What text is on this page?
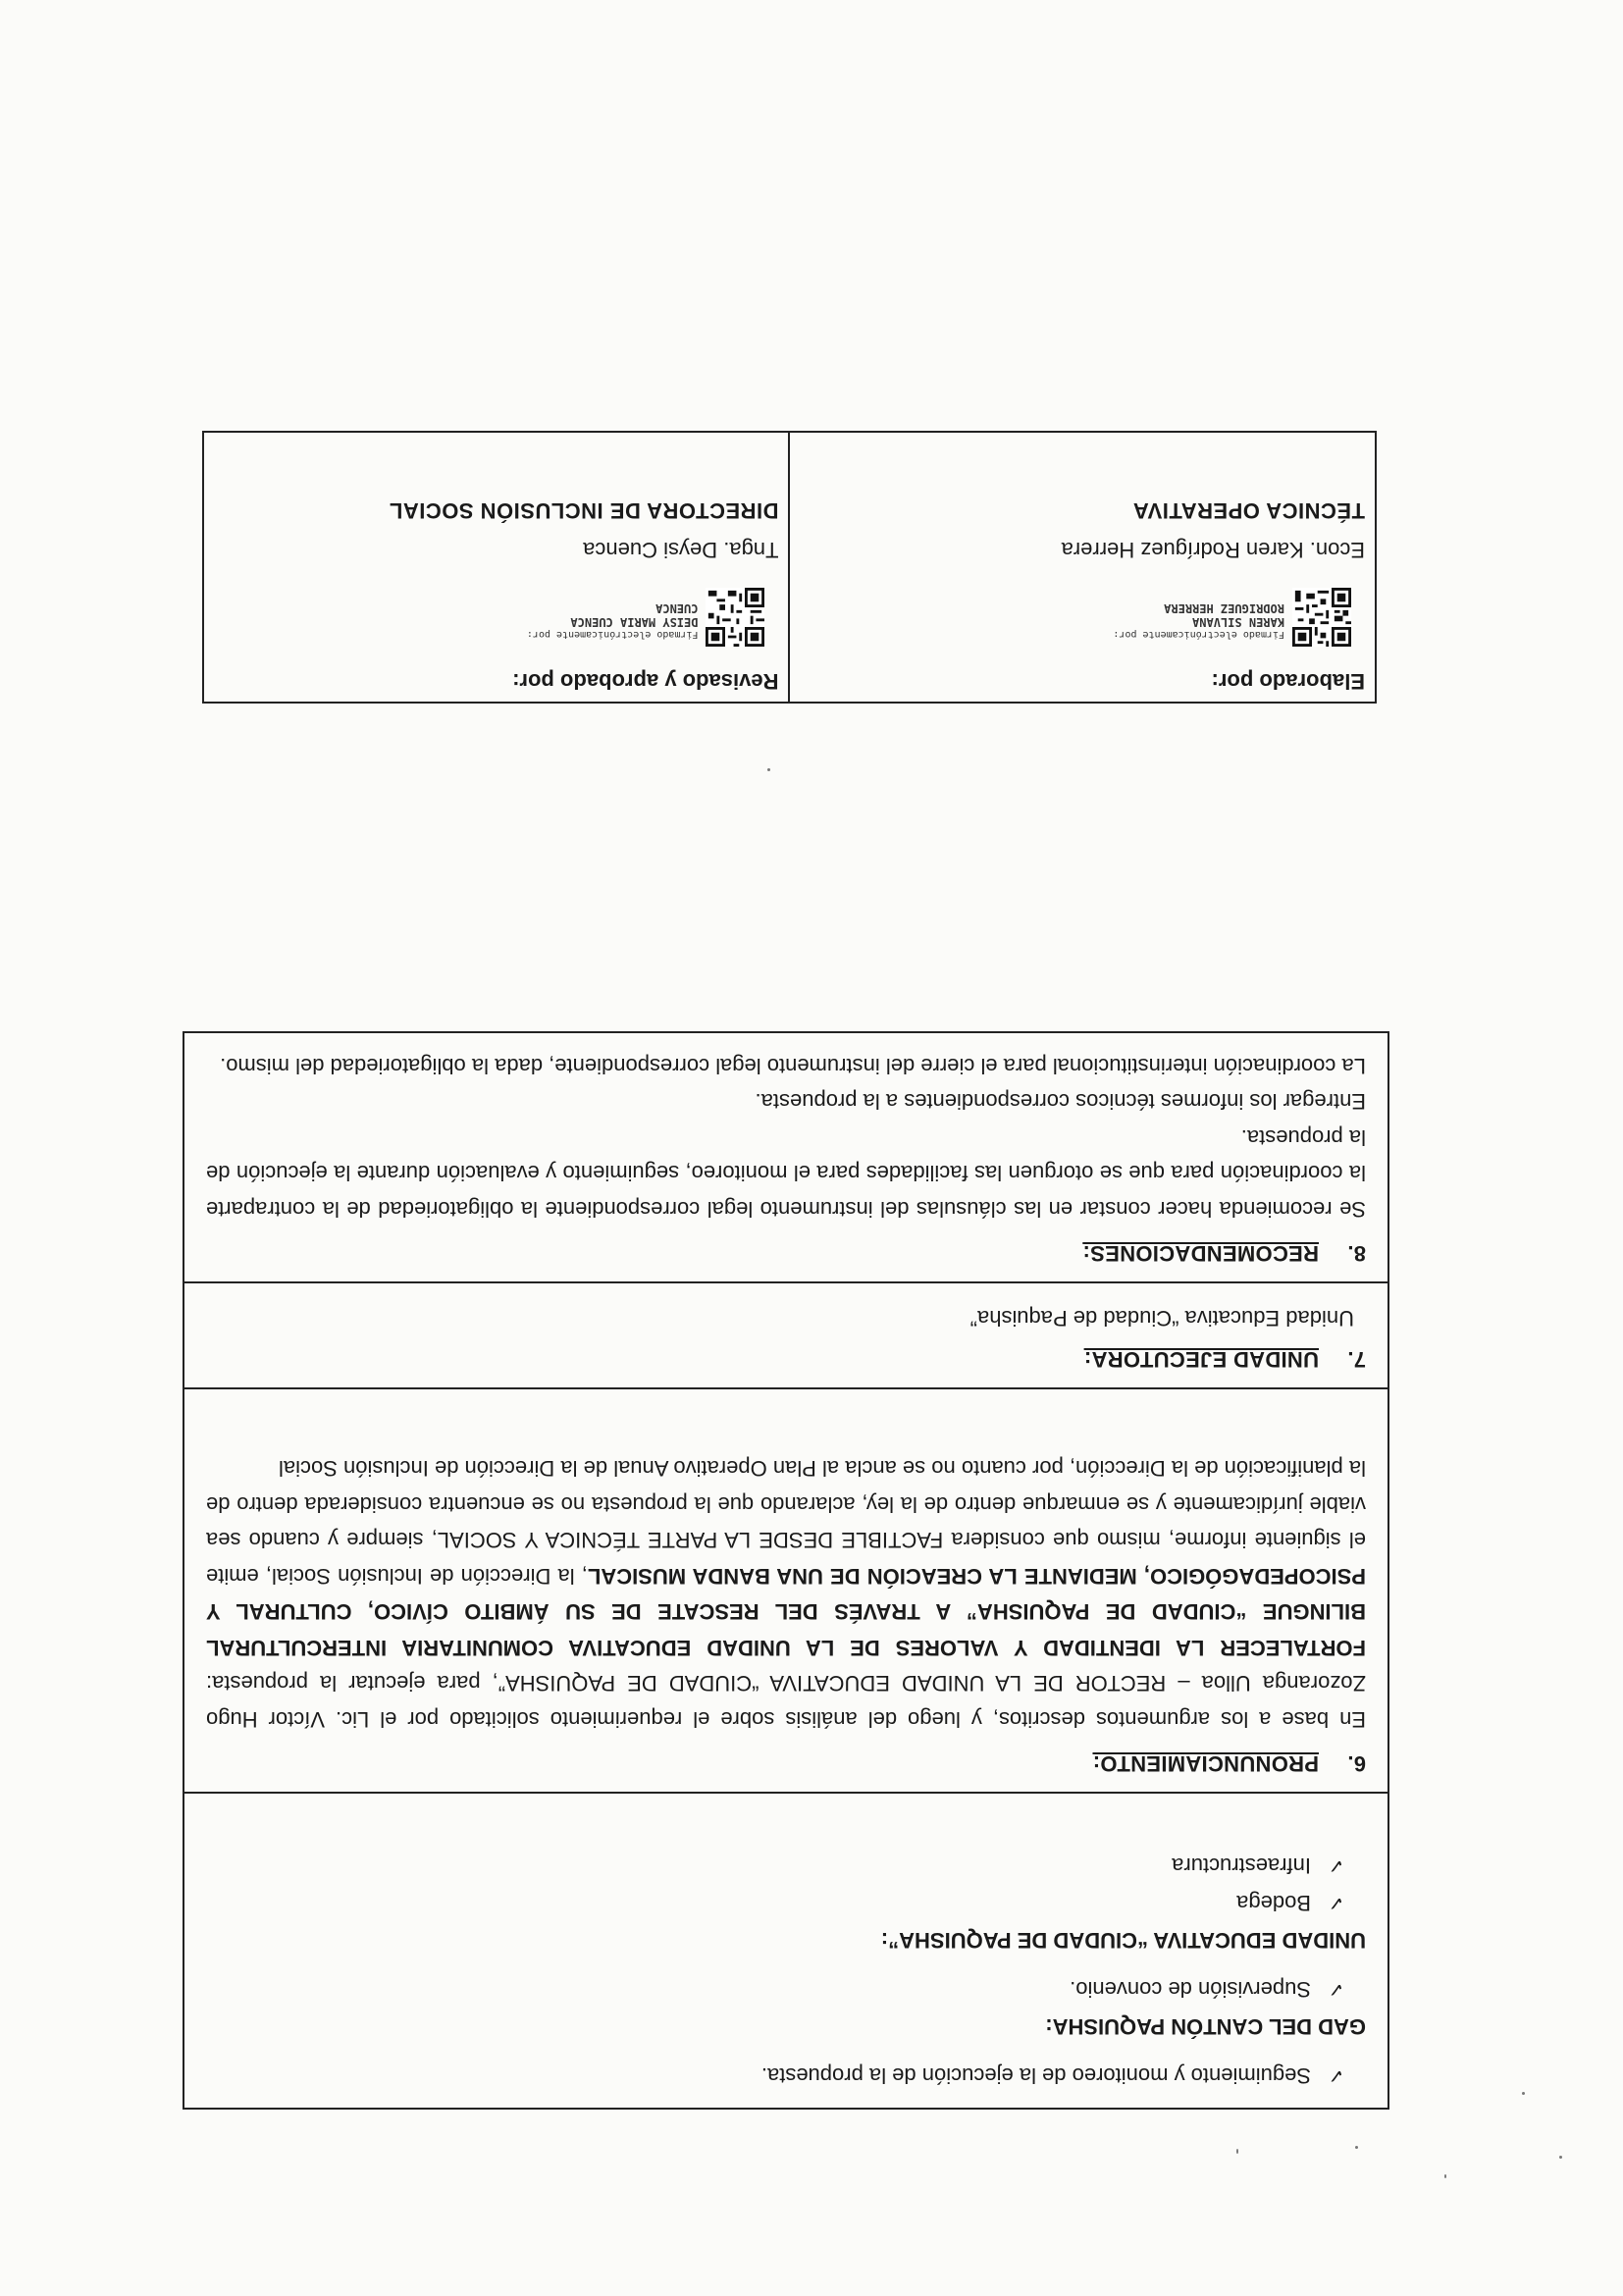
✓
Seguimiento y monitoreo de la ejecución de la propuesta.
GAD DEL CANTÓN PAQUISHA:
✓
Supervisión de convenio.
UNIDAD EDUCATIVA “CIUDAD DE PAQUISHA”:
✓
Bodega
✓
Infraestructura
6.PRONUNCIAMIENTO:

En base a los argumentos descritos, y luego del análisis sobre el requerimiento solicitado por el Lic. Víctor Hugo Zozoranga Ulloa – RECTOR DE LA UNIDAD EDUCATIVA “CIUDAD DE PAQUISHA”, para ejecutar la propuesta: FORTALECER LA IDENTIDAD Y VALORES DE LA UNIDAD EDUCATIVA COMUNITARIA INTERCULTURAL BILINGUE “CIUDAD DE PAQUISHA” A TRAVÉS DEL RESCATE DE SU ÁMBITO CÍVICO, CULTURAL Y PSICOPEDAGÓGICO, MEDIANTE LA CREACIÓN DE UNA BANDA MUSICAL, la Dirección de Inclusión Social, emite el siguiente informe, mismo que considera FACTIBLE DESDE LA PARTE TÉCNICA Y SOCIAL, siempre y cuando sea viable jurídicamente y se enmarque dentro de la ley, aclarando que la propuesta no se encuentra considerada dentro de la planificación de la Dirección, por cuanto no se ancla al Plan Operativo Anual de la Dirección de Inclusión Social

7.UNIDAD EJECUTORA:

Unidad Educativa “Ciudad de Paquisha”

8.RECOMENDACIONES:

Se recomienda hacer constar en las cláusulas del instrumento legal correspondiente la obligatoriedad de la contraparte la coordinación para que se otorguen las facilidades para el monitoreo, seguimiento y evaluación durante la ejecución de la propuesta.

Entregar los informes técnicos correspondientes a la propuesta.

La coordinación interinstitucional para el cierre del instrumento legal correspondiente, dada la obligatoriedad del mismo.

Elaborado por:
Firmado electrónicamente por:
KAREN SILVANA
RODRIGUEZ HERRERA
Econ. Karen Rodríguez Herrera
TÉCNICA OPERATIVA
Revisado y aprobado por:
Firmado electrónicamente por:
DEISY MARIA CUENCA
CUENCA
Tnga. Deysi Cuenca
DIRECTORA DE INCLUSIÓN SOCIAL
